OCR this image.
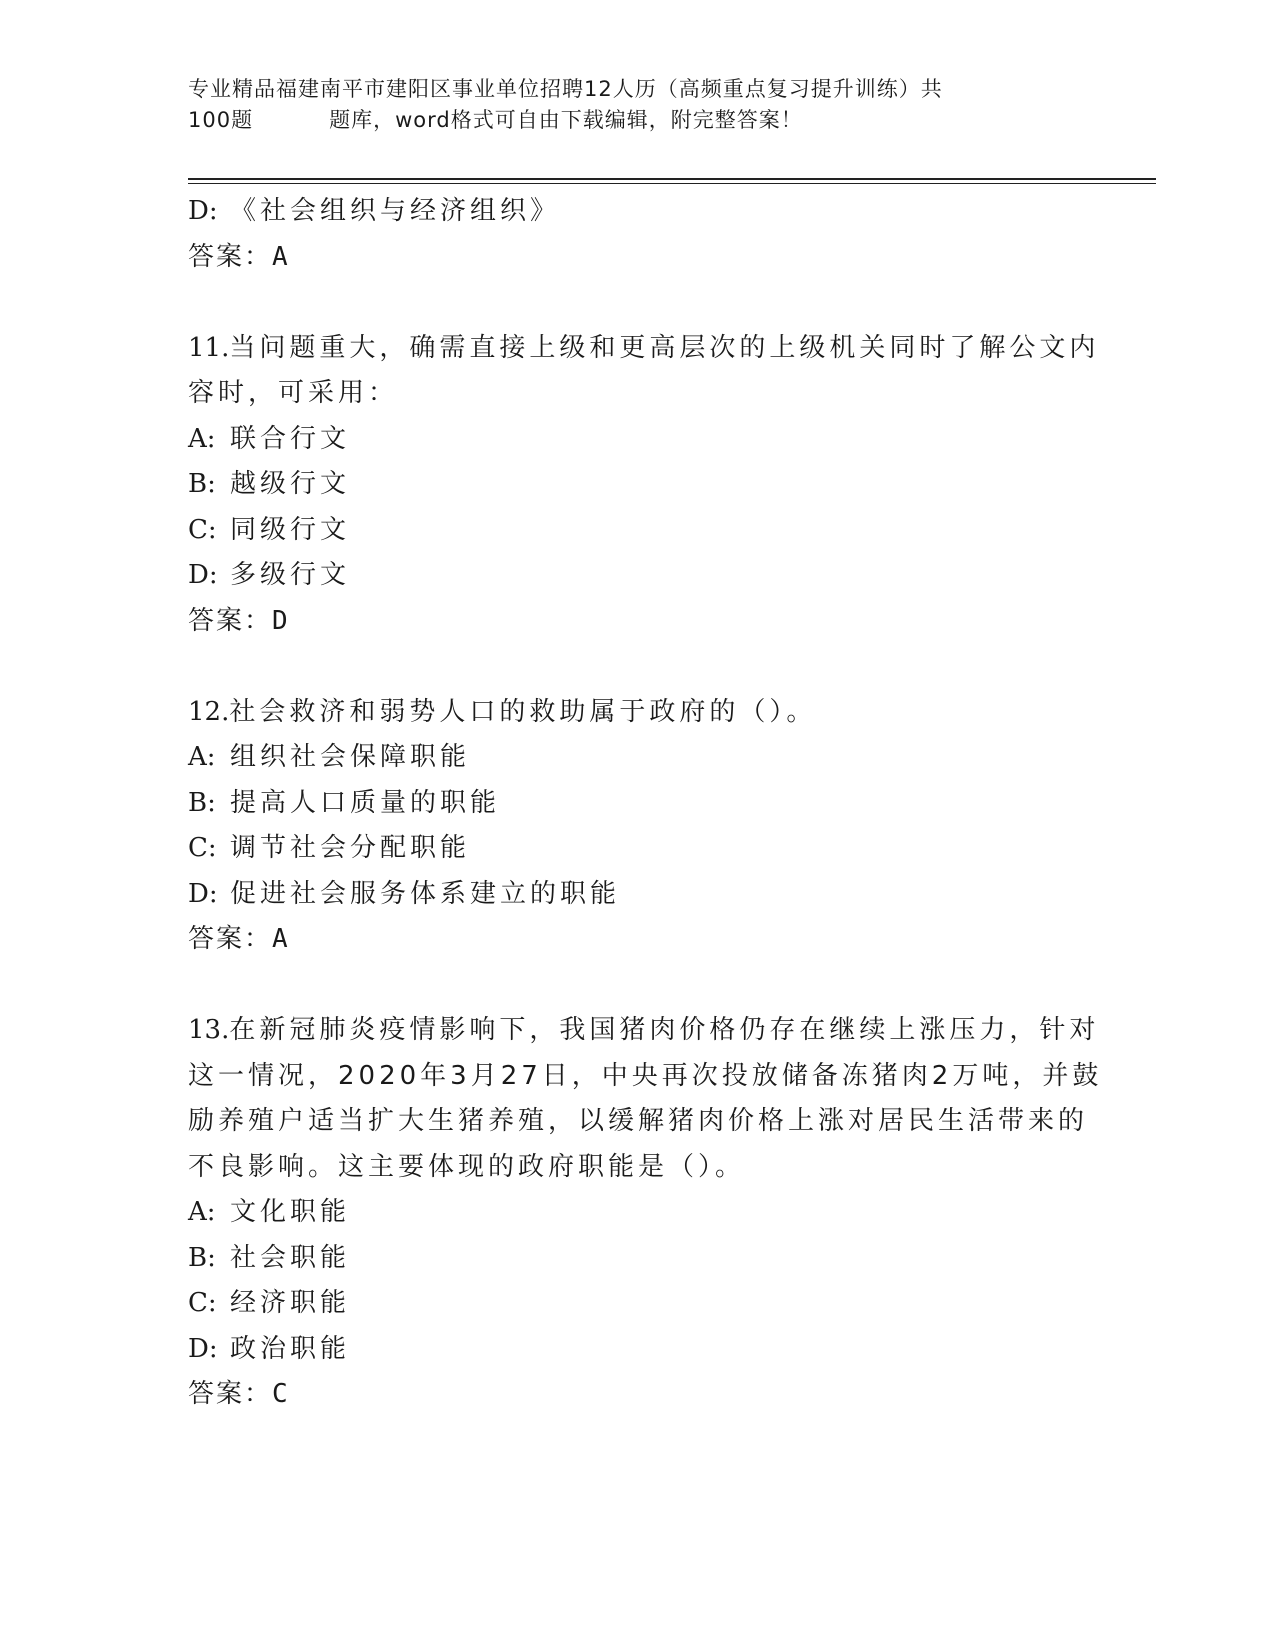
专业精品福建南平市建阳区事业单位招聘12人历（高频重点复习提升训练）共
100题	题库，word格式可自由下载编辑，附完整答案！
D: 《社会组织与经济组织》
答案：A
11.当问题重大，确需直接上级和更高层次的上级机关同时了解公文内
容时，可采用：
A: 联合行文
B: 越级行文
C: 同级行文
D: 多级行文
答案：D
12.社会救济和弱势人口的救助属于政府的（）。
A: 组织社会保障职能
B: 提高人口质量的职能
C: 调节社会分配职能
D: 促进社会服务体系建立的职能
答案：A
13.在新冠肺炎疫情影响下，我国猪肉价格仍存在继续上涨压力，针对
这一情况，2020年3月27日，中央再次投放储备冻猪肉2万吨，并鼓
励养殖户适当扩大生猪养殖，以缓解猪肉价格上涨对居民生活带来的
不良影响。这主要体现的政府职能是（）。
A: 文化职能
B: 社会职能
C: 经济职能
D: 政治职能
答案：C
